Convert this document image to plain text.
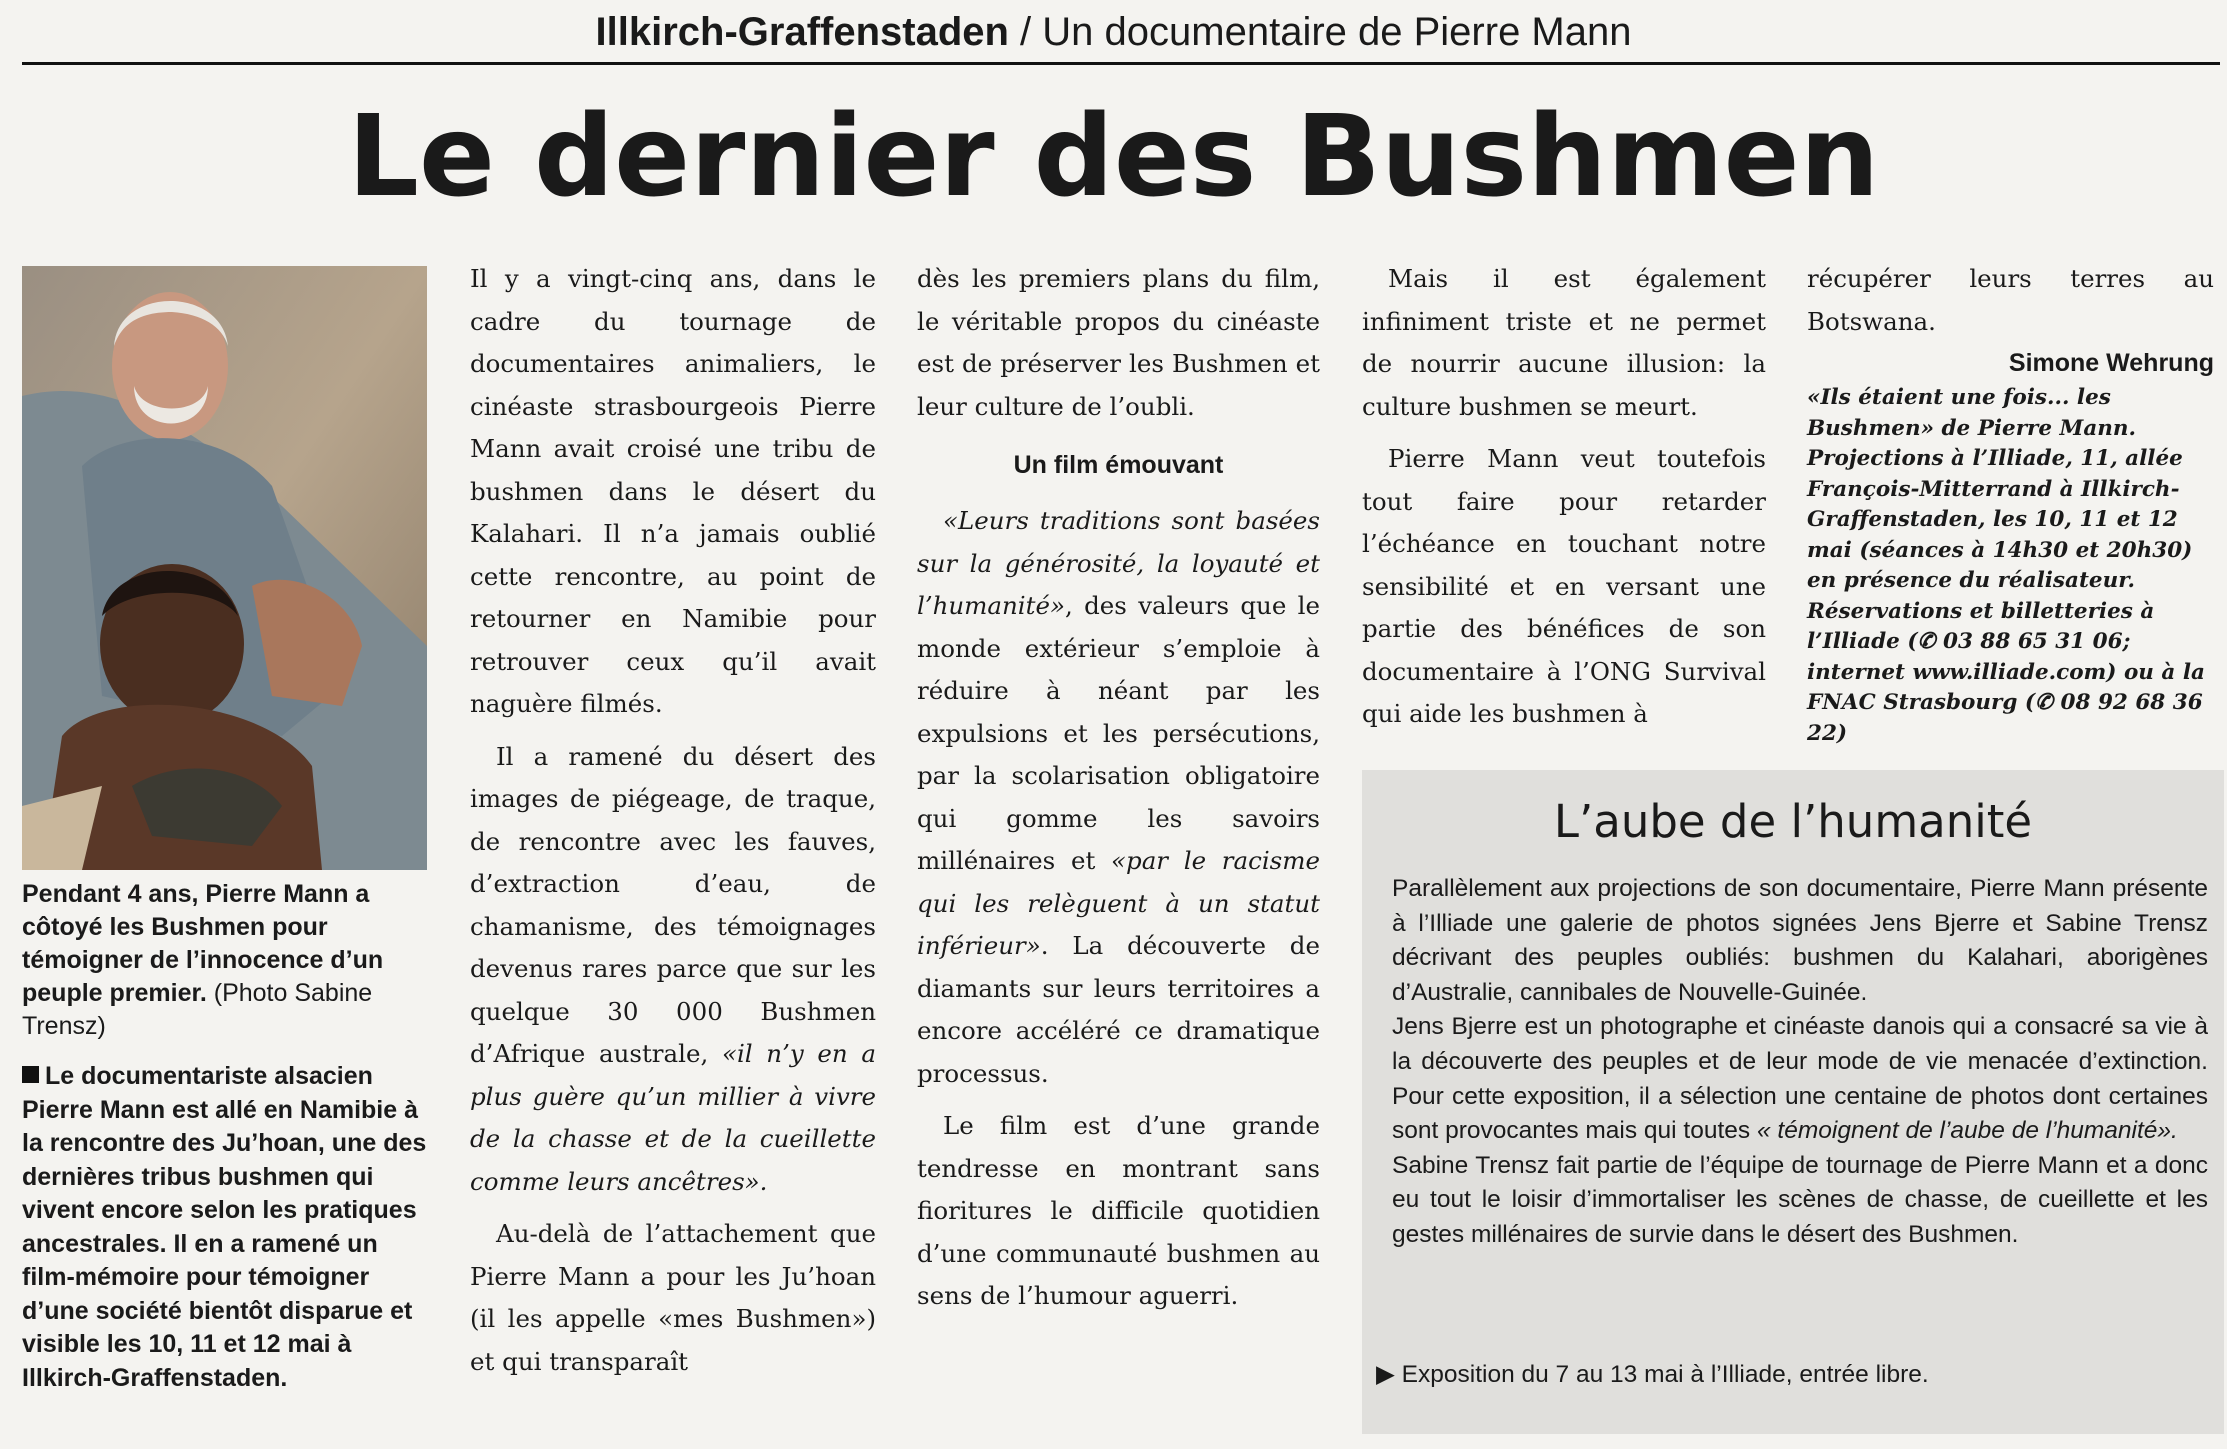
Illkirch-Graffenstaden / Un documentaire de Pierre Mann
Le dernier des Bushmen
Pendant 4 ans, Pierre Mann a côtoyé les Bushmen pour témoigner de l’innocence d’un peuple premier. (Photo Sabine Trensz)
Le documentariste alsacien Pierre Mann est allé en Namibie à la rencontre des Ju’hoan, une des dernières tribus bushmen qui vivent encore selon les pratiques ancestrales. Il en a ramené un film-mémoire pour témoigner d’une société bientôt disparue et visible les 10, 11 et 12 mai à Illkirch-Graffenstaden.

Il y a vingt-cinq ans, dans le cadre du tournage de documentaires animaliers, le cinéaste strasbourgeois Pierre Mann avait croisé une tribu de bushmen dans le désert du Kalahari. Il n’a jamais oublié cette rencontre, au point de retourner en Namibie pour retrouver ceux qu’il avait naguère filmés.

Il a ramené du désert des images de piégeage, de traque, de rencontre avec les fauves, d’extraction d’eau, de chamanisme, des témoignages devenus rares parce que sur les quelque 30 000 Bushmen d’Afrique australe, «il n’y en a plus guère qu’un millier à vivre de la chasse et de la cueillette comme leurs ancêtres».

Au-delà de l’attachement que Pierre Mann a pour les Ju’hoan (il les appelle «mes Bushmen») et qui transparaît

dès les premiers plans du film, le véritable propos du cinéaste est de préserver les Bushmen et leur culture de l’oubli.

Un film émouvant

«Leurs traditions sont basées sur la générosité, la loyauté et l’humanité», des valeurs que le monde extérieur s’emploie à réduire à néant par les expulsions et les persécutions, par la scolarisation obligatoire qui gomme les savoirs millénaires et «par le racisme qui les relèguent à un statut inférieur». La découverte de diamants sur leurs territoires a encore accéléré ce dramatique processus.

Le film est d’une grande tendresse en montrant sans fioritures le difficile quotidien d’une communauté bushmen au sens de l’humour aguerri.

Mais il est également infiniment triste et ne permet de nourrir aucune illusion: la culture bushmen se meurt.

Pierre Mann veut toutefois tout faire pour retarder l’échéance en touchant notre sensibilité et en versant une partie des bénéfices de son documentaire à l’ONG Survival qui aide les bushmen à

récupérer leurs terres au Botswana.

Simone Wehrung

«Ils étaient une fois... les Bushmen» de Pierre Mann. Projections à l’Illiade, 11, allée François-Mitterrand à Illkirch-Graffenstaden, les 10, 11 et 12 mai (séances à 14h30 et 20h30) en présence du réalisateur. Réservations et billetteries à l’Illiade (✆ 03 88 65 31 06; internet www.illiade.com) ou à la FNAC Strasbourg (✆ 08 92 68 36 22)

L’aube de l’humanité

Parallèlement aux projections de son documentaire, Pierre Mann présente à l’Illiade une galerie de photos signées Jens Bjerre et Sabine Trensz décrivant des peuples oubliés: bushmen du Kalahari, aborigènes d’Australie, cannibales de Nouvelle-Guinée.

Jens Bjerre est un photographe et cinéaste danois qui a consacré sa vie à la découverte des peuples et de leur mode de vie menacée d’extinction. Pour cette exposition, il a sélection une centaine de photos dont certaines sont provocantes mais qui toutes « témoignent de l’aube de l’humanité».

Sabine Trensz fait partie de l’équipe de tournage de Pierre Mann et a donc eu tout le loisir d’immortaliser les scènes de chasse, de cueillette et les gestes millénaires de survie dans le désert des Bushmen.

▶ Exposition du 7 au 13 mai à l’Illiade, entrée libre.
